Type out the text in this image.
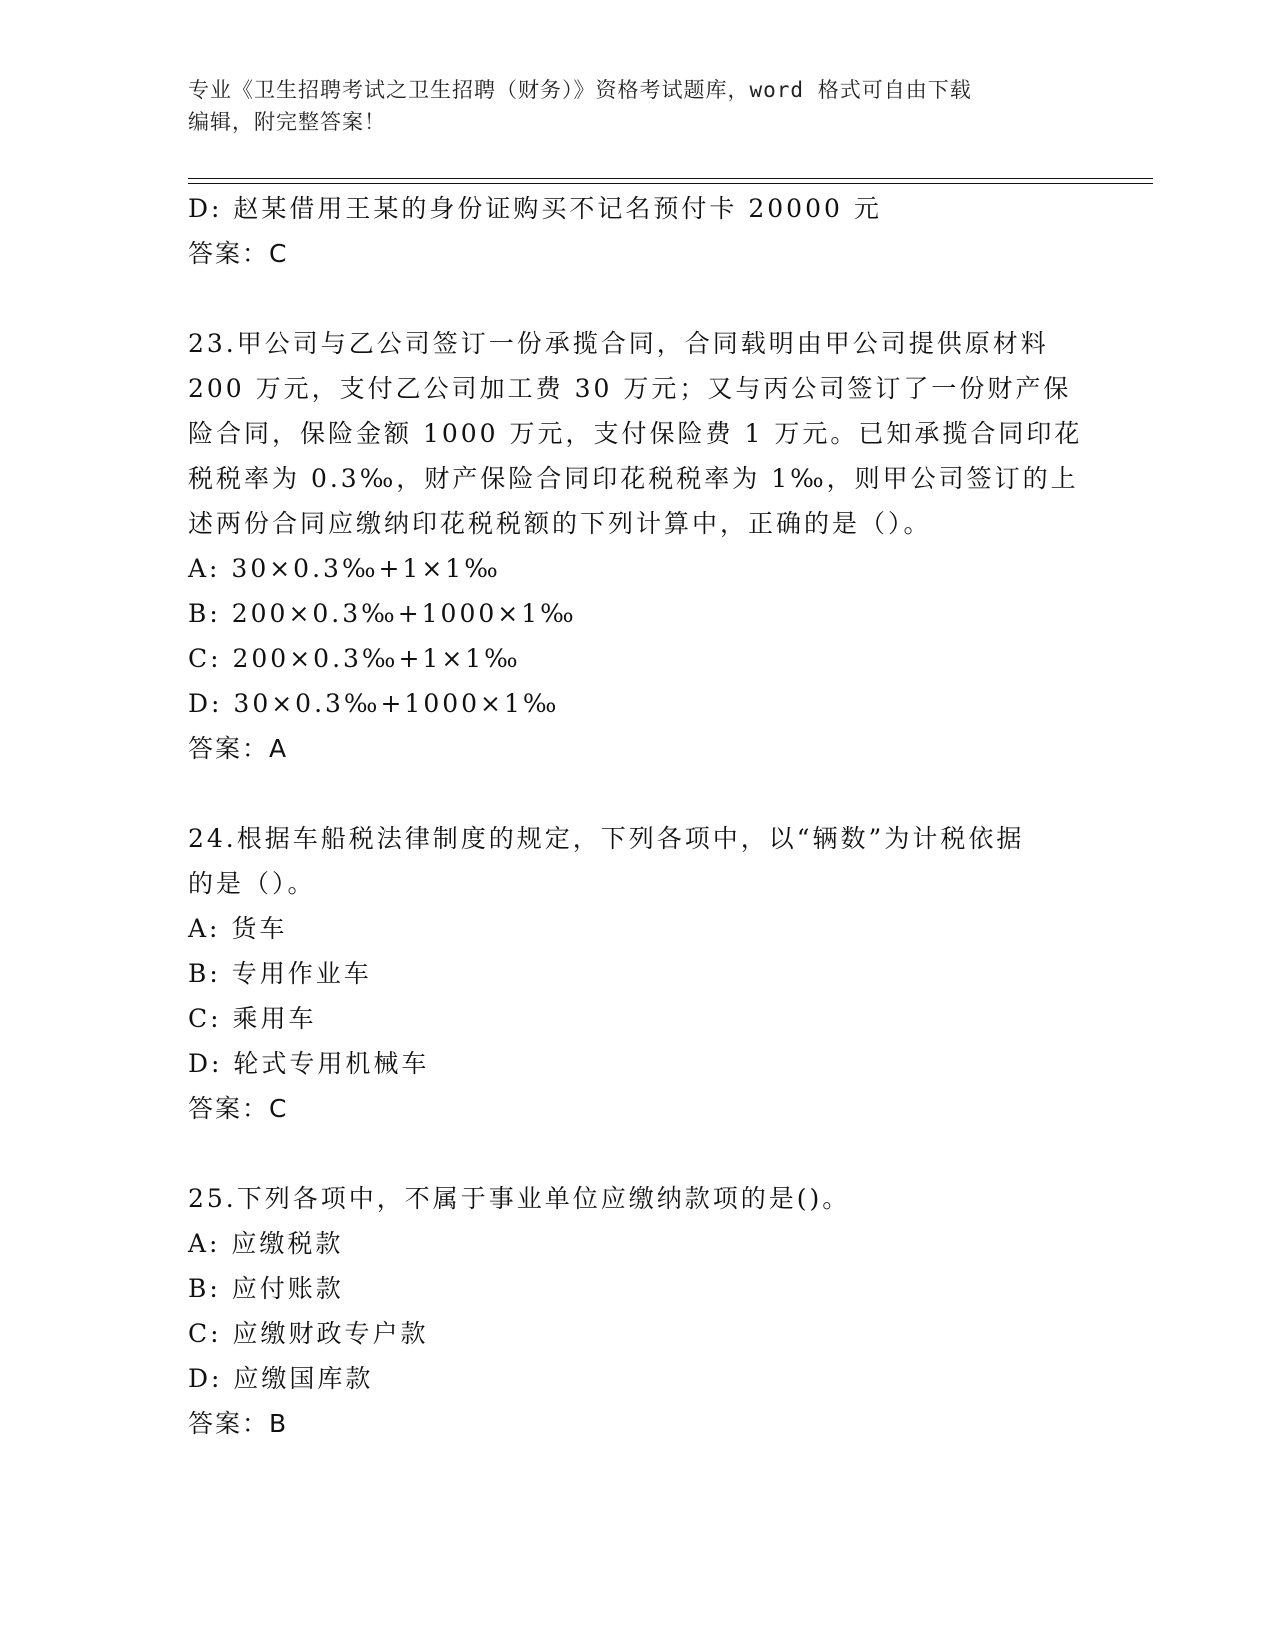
专业《卫生招聘考试之卫生招聘（财务）》资格考试题库，word 格式可自由下载
编辑，附完整答案！
D: 赵某借用王某的身份证购买不记名预付卡 20000 元
答案：C
23.甲公司与乙公司签订一份承揽合同，合同载明由甲公司提供原材料
200 万元，支付乙公司加工费 30 万元；又与丙公司签订了一份财产保
险合同，保险金额 1000 万元，支付保险费 1 万元。已知承揽合同印花
税税率为 0.3‰，财产保险合同印花税税率为 1‰，则甲公司签订的上
述两份合同应缴纳印花税税额的下列计算中，正确的是（）。
A: 30×0.3‰+1×1‰
B: 200×0.3‰+1000×1‰
C: 200×0.3‰+1×1‰
D: 30×0.3‰+1000×1‰
答案：A
24.根据车船税法律制度的规定，下列各项中，以“辆数”为计税依据
的是（）。
A: 货车
B: 专用作业车
C: 乘用车
D: 轮式专用机械车
答案：C
25.下列各项中，不属于事业单位应缴纳款项的是()。
A: 应缴税款
B: 应付账款
C: 应缴财政专户款
D: 应缴国库款
答案：B
